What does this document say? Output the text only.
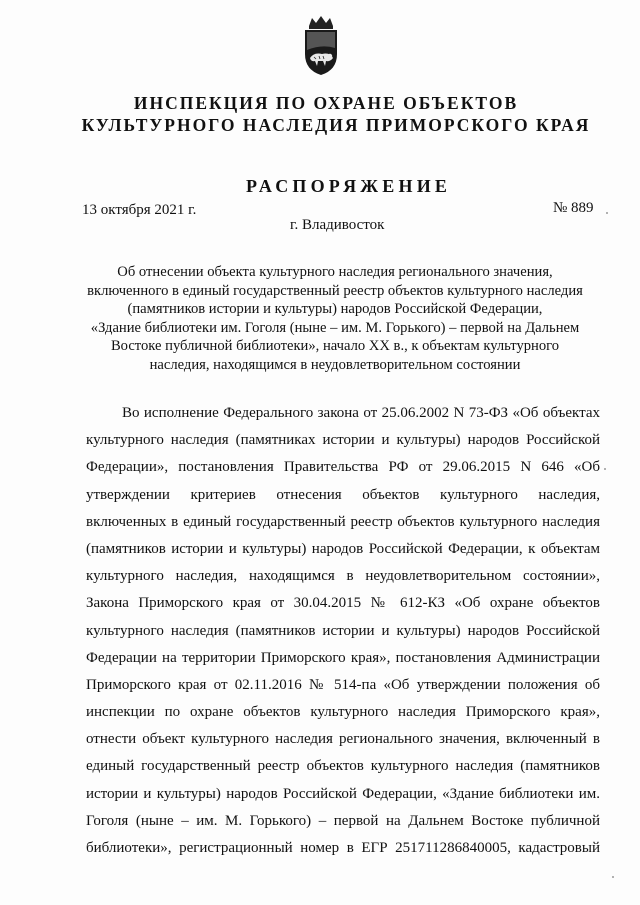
ИНСПЕКЦИЯ ПО ОХРАНЕ ОБЪЕКТОВ
КУЛЬТУРНОГО НАСЛЕДИЯ ПРИМОРСКОГО КРАЯ
РАСПОРЯЖЕНИЕ
13 октября 2021 г.	№ 889
г. Владивосток
Об отнесении объекта культурного наследия регионального значения,
включенного в единый государственный реестр объектов культурного наследия
(памятников истории и культуры) народов Российской Федерации,
«Здание библиотеки им. Гоголя (ныне – им. М. Горького) – первой на Дальнем
Востоке публичной библиотеки», начало XX в., к объектам культурного
наследия, находящимся в неудовлетворительном состоянии
Во исполнение Федерального закона от 25.06.2002 N 73-ФЗ «Об объектах
культурного наследия (памятниках истории и культуры) народов Российской
Федерации», постановления Правительства РФ от 29.06.2015 N 646 «Об
утверждении критериев отнесения объектов культурного наследия,
включенных в единый государственный реестр объектов культурного наследия
(памятников истории и культуры) народов Российской Федерации, к объектам
культурного наследия, находящимся в неудовлетворительном состоянии»,
Закона Приморского края от 30.04.2015 № 612-КЗ «Об охране объектов
культурного наследия (памятников истории и культуры) народов Российской
Федерации на территории Приморского края», постановления Администрации
Приморского края от 02.11.2016 № 514-па «Об утверждении положения об
инспекции по охране объектов культурного наследия Приморского края»,
отнести объект культурного наследия регионального значения, включенный в
единый государственный реестр объектов культурного наследия (памятников
истории и культуры) народов Российской Федерации, «Здание библиотеки им.
Гоголя (ныне – им. М. Горького) – первой на Дальнем Востоке публичной
библиотеки», регистрационный номер в ЕГР 251711286840005, кадастровый
